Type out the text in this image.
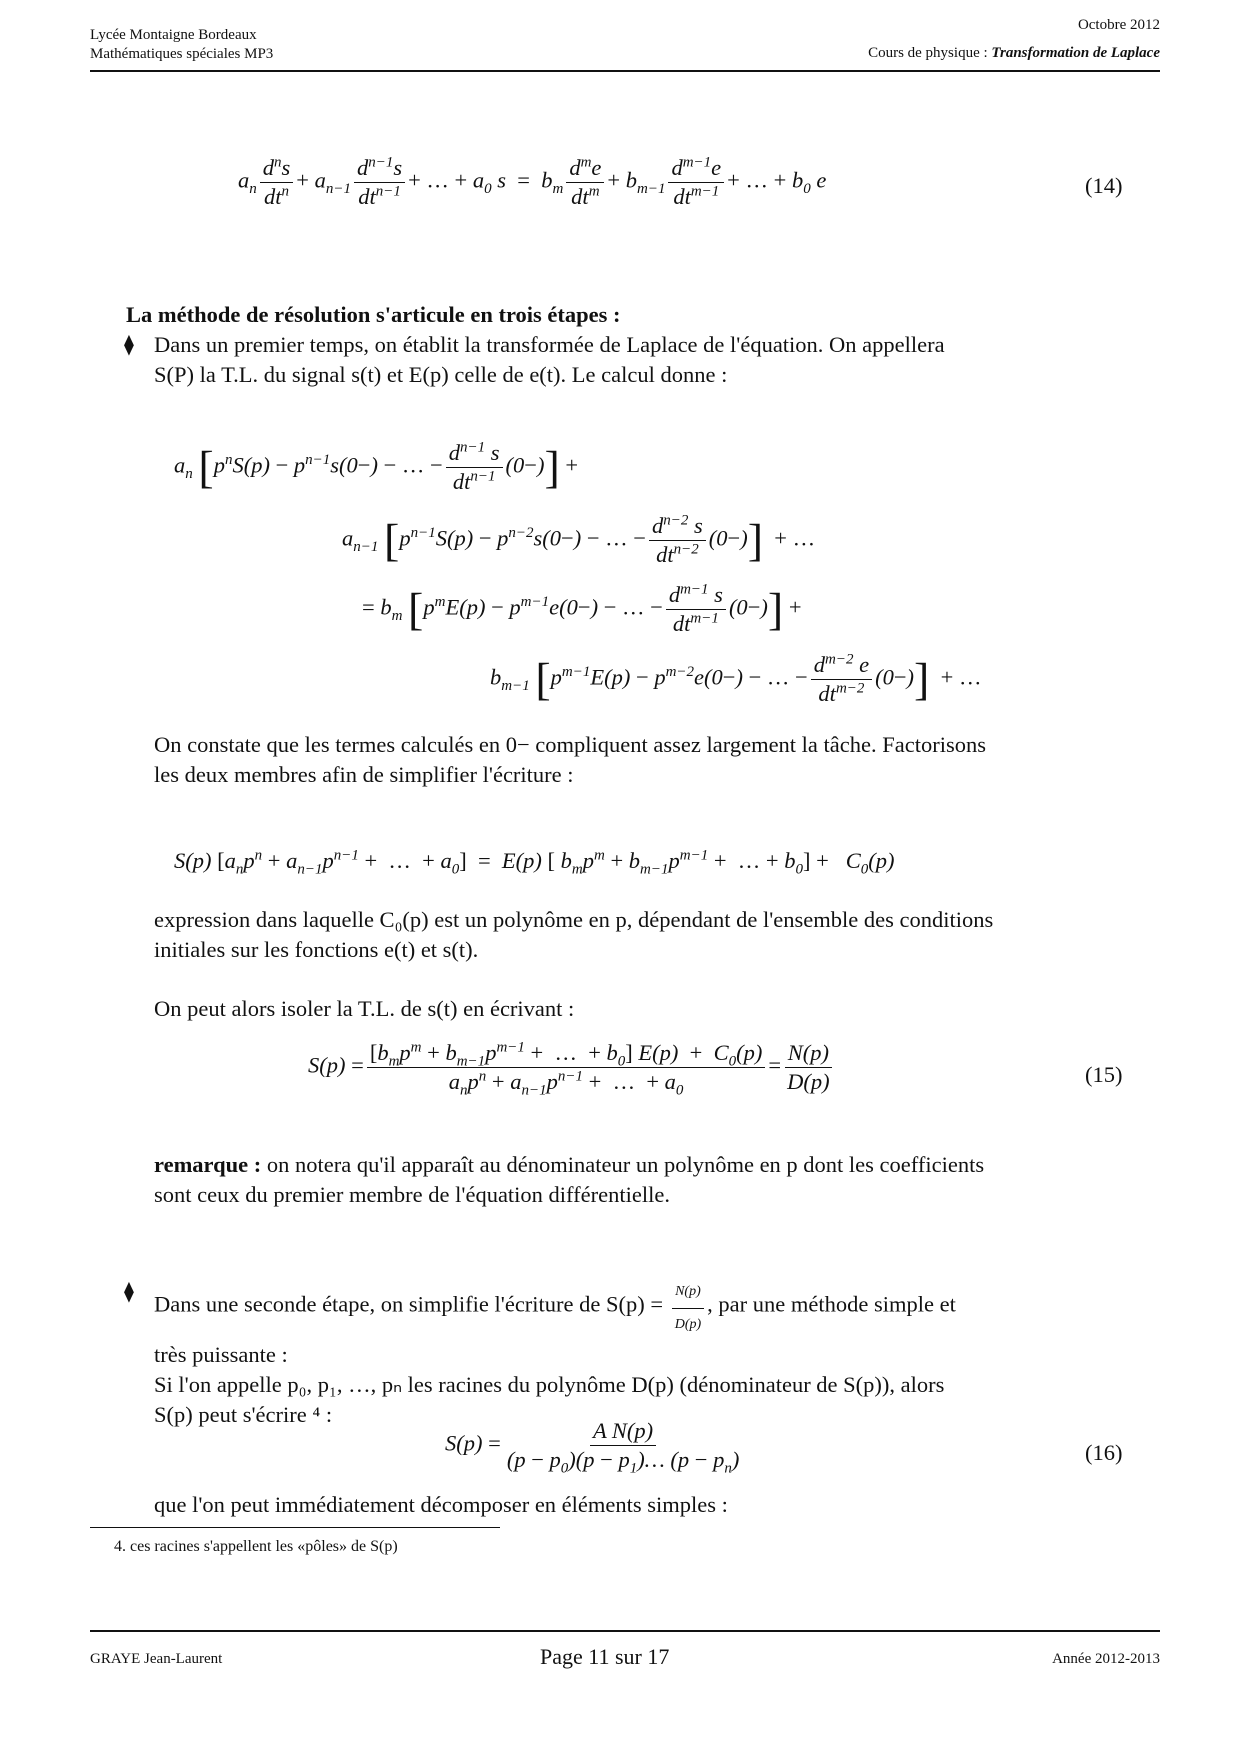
Lycée Montaigne Bordeaux
Mathématiques spéciales MP3
Octobre 2012
Cours de physique : Transformation de Laplace
$a_n \frac{d^ns}{dt^n} + a_{n-1} \frac{d^{n-1}s}{dt^{n-1}}$ + … + $a_0$ $s = b_m \frac{d^me}{dt^m} + b_{m-1} \frac{d^{m-1}e}{dt^{m-1}}$ + … + $b_0$ e	(14)
La méthode de résolution s'articule en trois étapes :
⧫ Dans un premier temps, on établit la transformée de Laplace de l'équation. On appellera
S(P) la T.L. du signal s(t) et E(p) celle de e(t). Le calcul donne :
$a_n$ [$p^nS(p) - p^{n-1}s(0-)$ − … − $\frac{d^{n-1} s}{dt^{n-1}} (0-)$] +
$a_{n-1}$ [$p^{n-1}S(p) - p^{n-2}s(0-)$ − … − $\frac{d^{n-2} s}{dt^{n-2}} (0-)$] + …
= $b_m$ [$p^mE(p) - p^{m-1}e(0-)$ − … − $\frac{d^{m-1} s}{dt^{m-1}} (0-)$] +
$b_{m-1}$ [$p^{m-1}E(p) - p^{m-2}e(0-)$ − … − $\frac{d^{m-2} e}{dt^{m-2}} (0-)$] + …
On constate que les termes calculés en 0− compliquent assez largement la tâche. Factorisons
les deux membres afin de simplifier l'écriture :
S(p) [$a_np^n + a_{n-1}p^{n-1}$ +  …  + $a_0] = E(p)$ [ $b_mp^m + b_{m-1}p^{m-1}$ +  … + $b_0] + C_0(p)$
expression dans laquelle C₀(p) est un polynôme en p, dépendant de l'ensemble des conditions
initiales sur les fonctions e(t) et s(t).
On peut alors isoler la T.L. de s(t) en écrivant :
$S(p) = \frac{[b_mp^m + b_{m-1}p^{m-1} + \dots + b_0] E(p) + C_0(p)}{a_np^n + a_{n-1}p^{n-1} + \dots + a_0} = \frac{N(p)}{D(p)}$	(15)
remarque : on notera qu'il apparaît au dénominateur un polynôme en p dont les coefficients
sont ceux du premier membre de l'équation différentielle.
⧫ Dans une seconde étape, on simplifie l'écriture de $S(p) = \frac{N(p)}{D(p)}$ , par une méthode simple et
très puissante :
Si l'on appelle p₀, p₁, …, pₙ les racines du polynôme D(p) (dénominateur de S(p)), alors
S(p) peut s'écrire ⁴ :
$S(p) = \frac{\text{A N(p)}}{(p - p_0)(p - p_1)\dots (p - p_n)}$	(16)
que l'on peut immédiatement décomposer en éléments simples :
4. ces racines s'appellent les «pôles» de S(p)
GRAYE Jean-Laurent	Page 11 sur 17	Année 2012-2013
